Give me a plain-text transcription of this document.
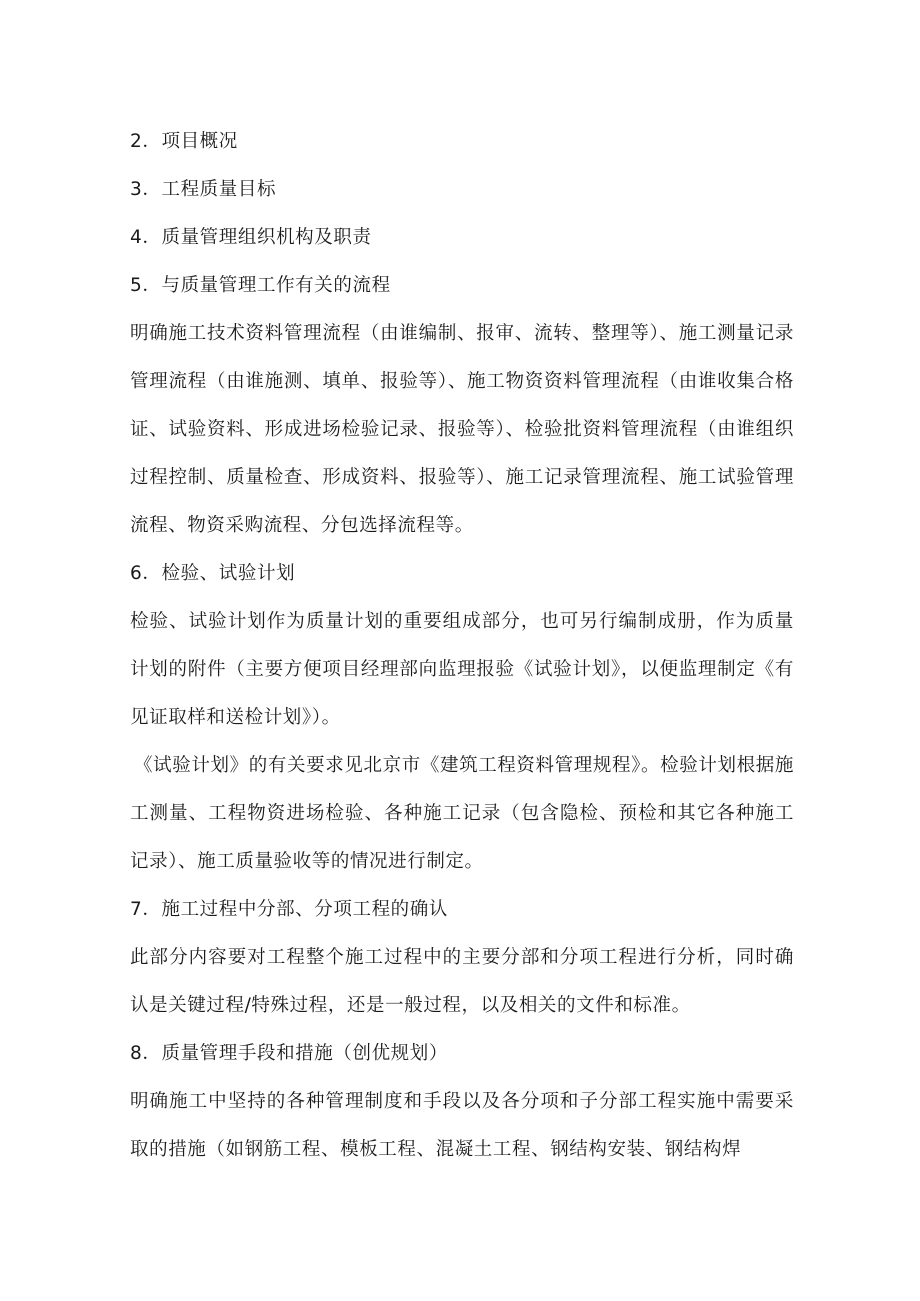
2．项目概况

3．工程质量目标

4．质量管理组织机构及职责

5．与质量管理工作有关的流程

明确施工技术资料管理流程（由谁编制、报审、流转、整理等）、施工测量记录管理流程（由谁施测、填单、报验等）、施工物资资料管理流程（由谁收集合格证、试验资料、形成进场检验记录、报验等）、检验批资料管理流程（由谁组织过程控制、质量检查、形成资料、报验等）、施工记录管理流程、施工试验管理流程、物资采购流程、分包选择流程等。

6．检验、试验计划

检验、试验计划作为质量计划的重要组成部分，也可另行编制成册，作为质量计划的附件（主要方便项目经理部向监理报验《试验计划》，以便监理制定《有见证取样和送检计划》）。

《试验计划》的有关要求见北京市《建筑工程资料管理规程》。检验计划根据施工测量、工程物资进场检验、各种施工记录（包含隐检、预检和其它各种施工记录）、施工质量验收等的情况进行制定。

7．施工过程中分部、分项工程的确认

此部分内容要对工程整个施工过程中的主要分部和分项工程进行分析，同时确认是关键过程/特殊过程，还是一般过程，以及相关的文件和标准。

8．质量管理手段和措施（创优规划）

明确施工中坚持的各种管理制度和手段以及各分项和子分部工程实施中需要采取的措施（如钢筋工程、模板工程、混凝土工程、钢结构安装、钢结构焊
